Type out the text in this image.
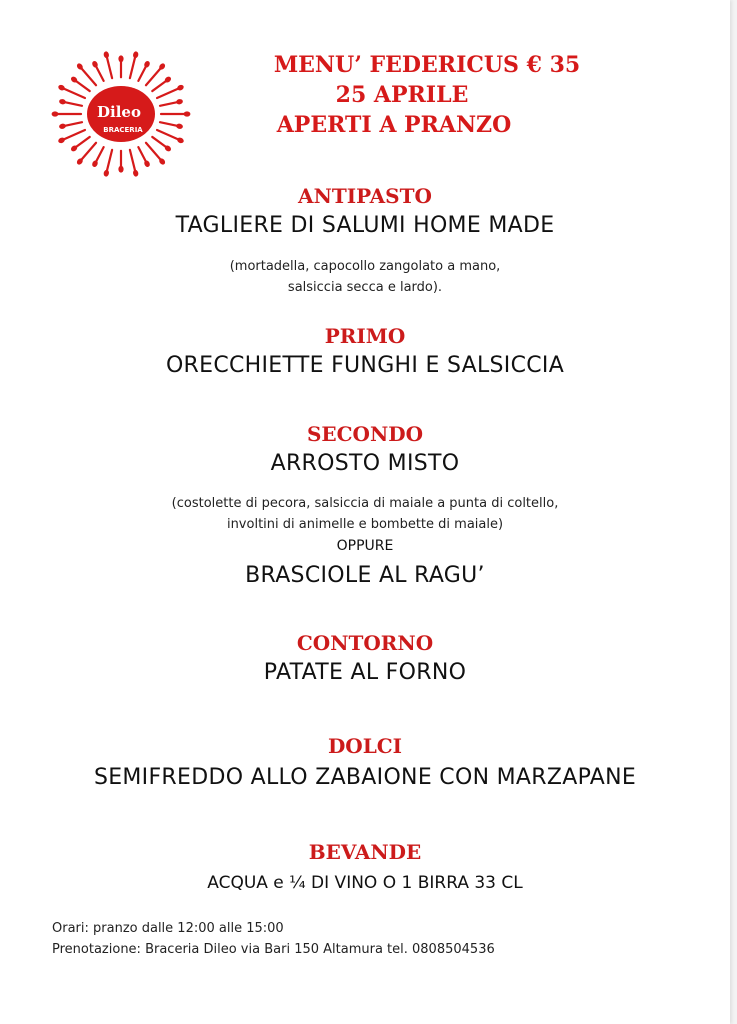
Dileo
BRACERIA
MENU’ FEDERICUS € 35
25 APRILE
APERTI A PRANZO
ANTIPASTO
TAGLIERE DI SALUMI HOME MADE
(mortadella, capocollo zangolato a mano,
salsiccia secca e lardo).
PRIMO
ORECCHIETTE FUNGHI E SALSICCIA
SECONDO
ARROSTO MISTO
(costolette di pecora, salsiccia di maiale a punta di coltello,
involtini di animelle e bombette di maiale)
OPPURE
BRASCIOLE AL RAGU’
CONTORNO
PATATE AL FORNO
DOLCI
SEMIFREDDO ALLO ZABAIONE CON MARZAPANE
BEVANDE
ACQUA e ¼ DI VINO O 1 BIRRA 33 CL
Orari: pranzo dalle 12:00 alle 15:00
Prenotazione: Braceria Dileo via Bari 150 Altamura tel. 0808504536
